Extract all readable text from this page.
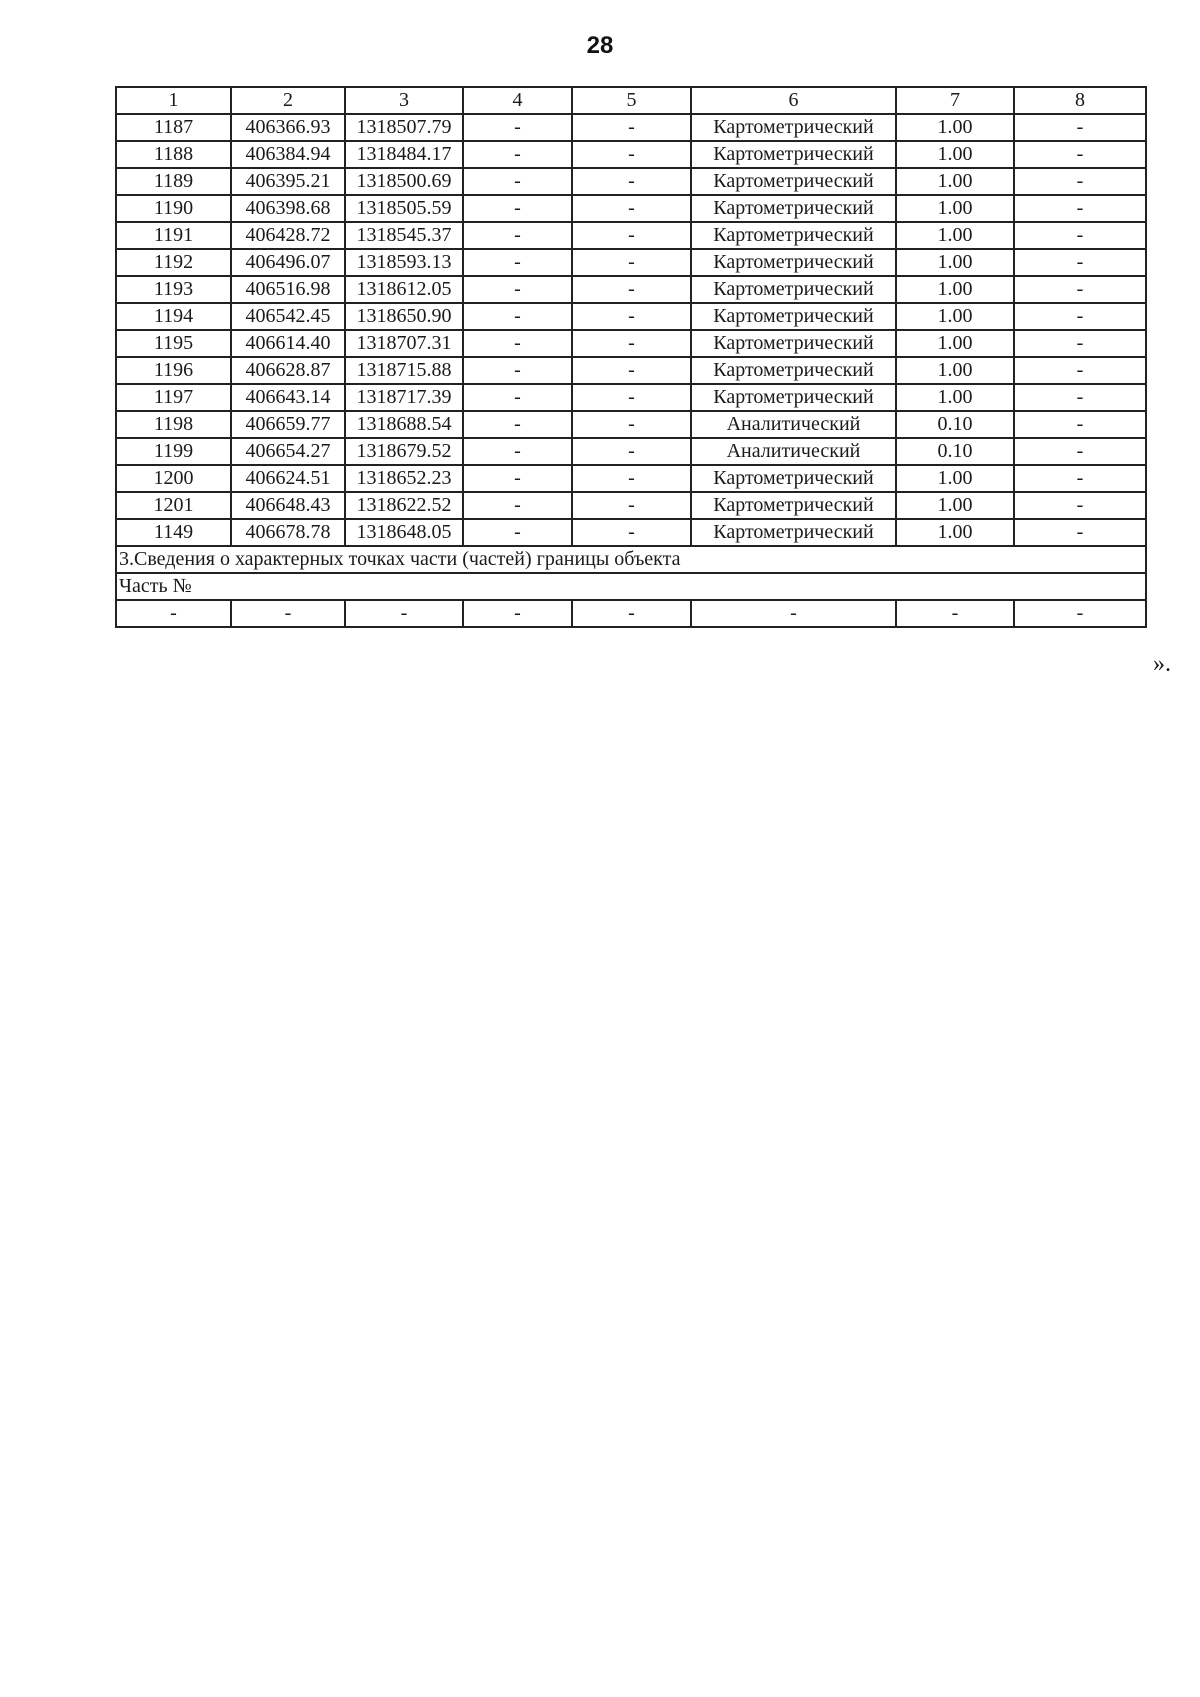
28
1	2	3	4	5	6	7	8
1187	406366.93	1318507.79	-	-	Картометрический	1.00	-
1188	406384.94	1318484.17	-	-	Картометрический	1.00	-
1189	406395.21	1318500.69	-	-	Картометрический	1.00	-
1190	406398.68	1318505.59	-	-	Картометрический	1.00	-
1191	406428.72	1318545.37	-	-	Картометрический	1.00	-
1192	406496.07	1318593.13	-	-	Картометрический	1.00	-
1193	406516.98	1318612.05	-	-	Картометрический	1.00	-
1194	406542.45	1318650.90	-	-	Картометрический	1.00	-
1195	406614.40	1318707.31	-	-	Картометрический	1.00	-
1196	406628.87	1318715.88	-	-	Картометрический	1.00	-
1197	406643.14	1318717.39	-	-	Картометрический	1.00	-
1198	406659.77	1318688.54	-	-	Аналитический	0.10	-
1199	406654.27	1318679.52	-	-	Аналитический	0.10	-
1200	406624.51	1318652.23	-	-	Картометрический	1.00	-
1201	406648.43	1318622.52	-	-	Картометрический	1.00	-
1149	406678.78	1318648.05	-	-	Картометрический	1.00	-
3.Сведения о характерных точках части (частей) границы объекта							
Часть №							
-	-	-	-	-	-	-	-
».
